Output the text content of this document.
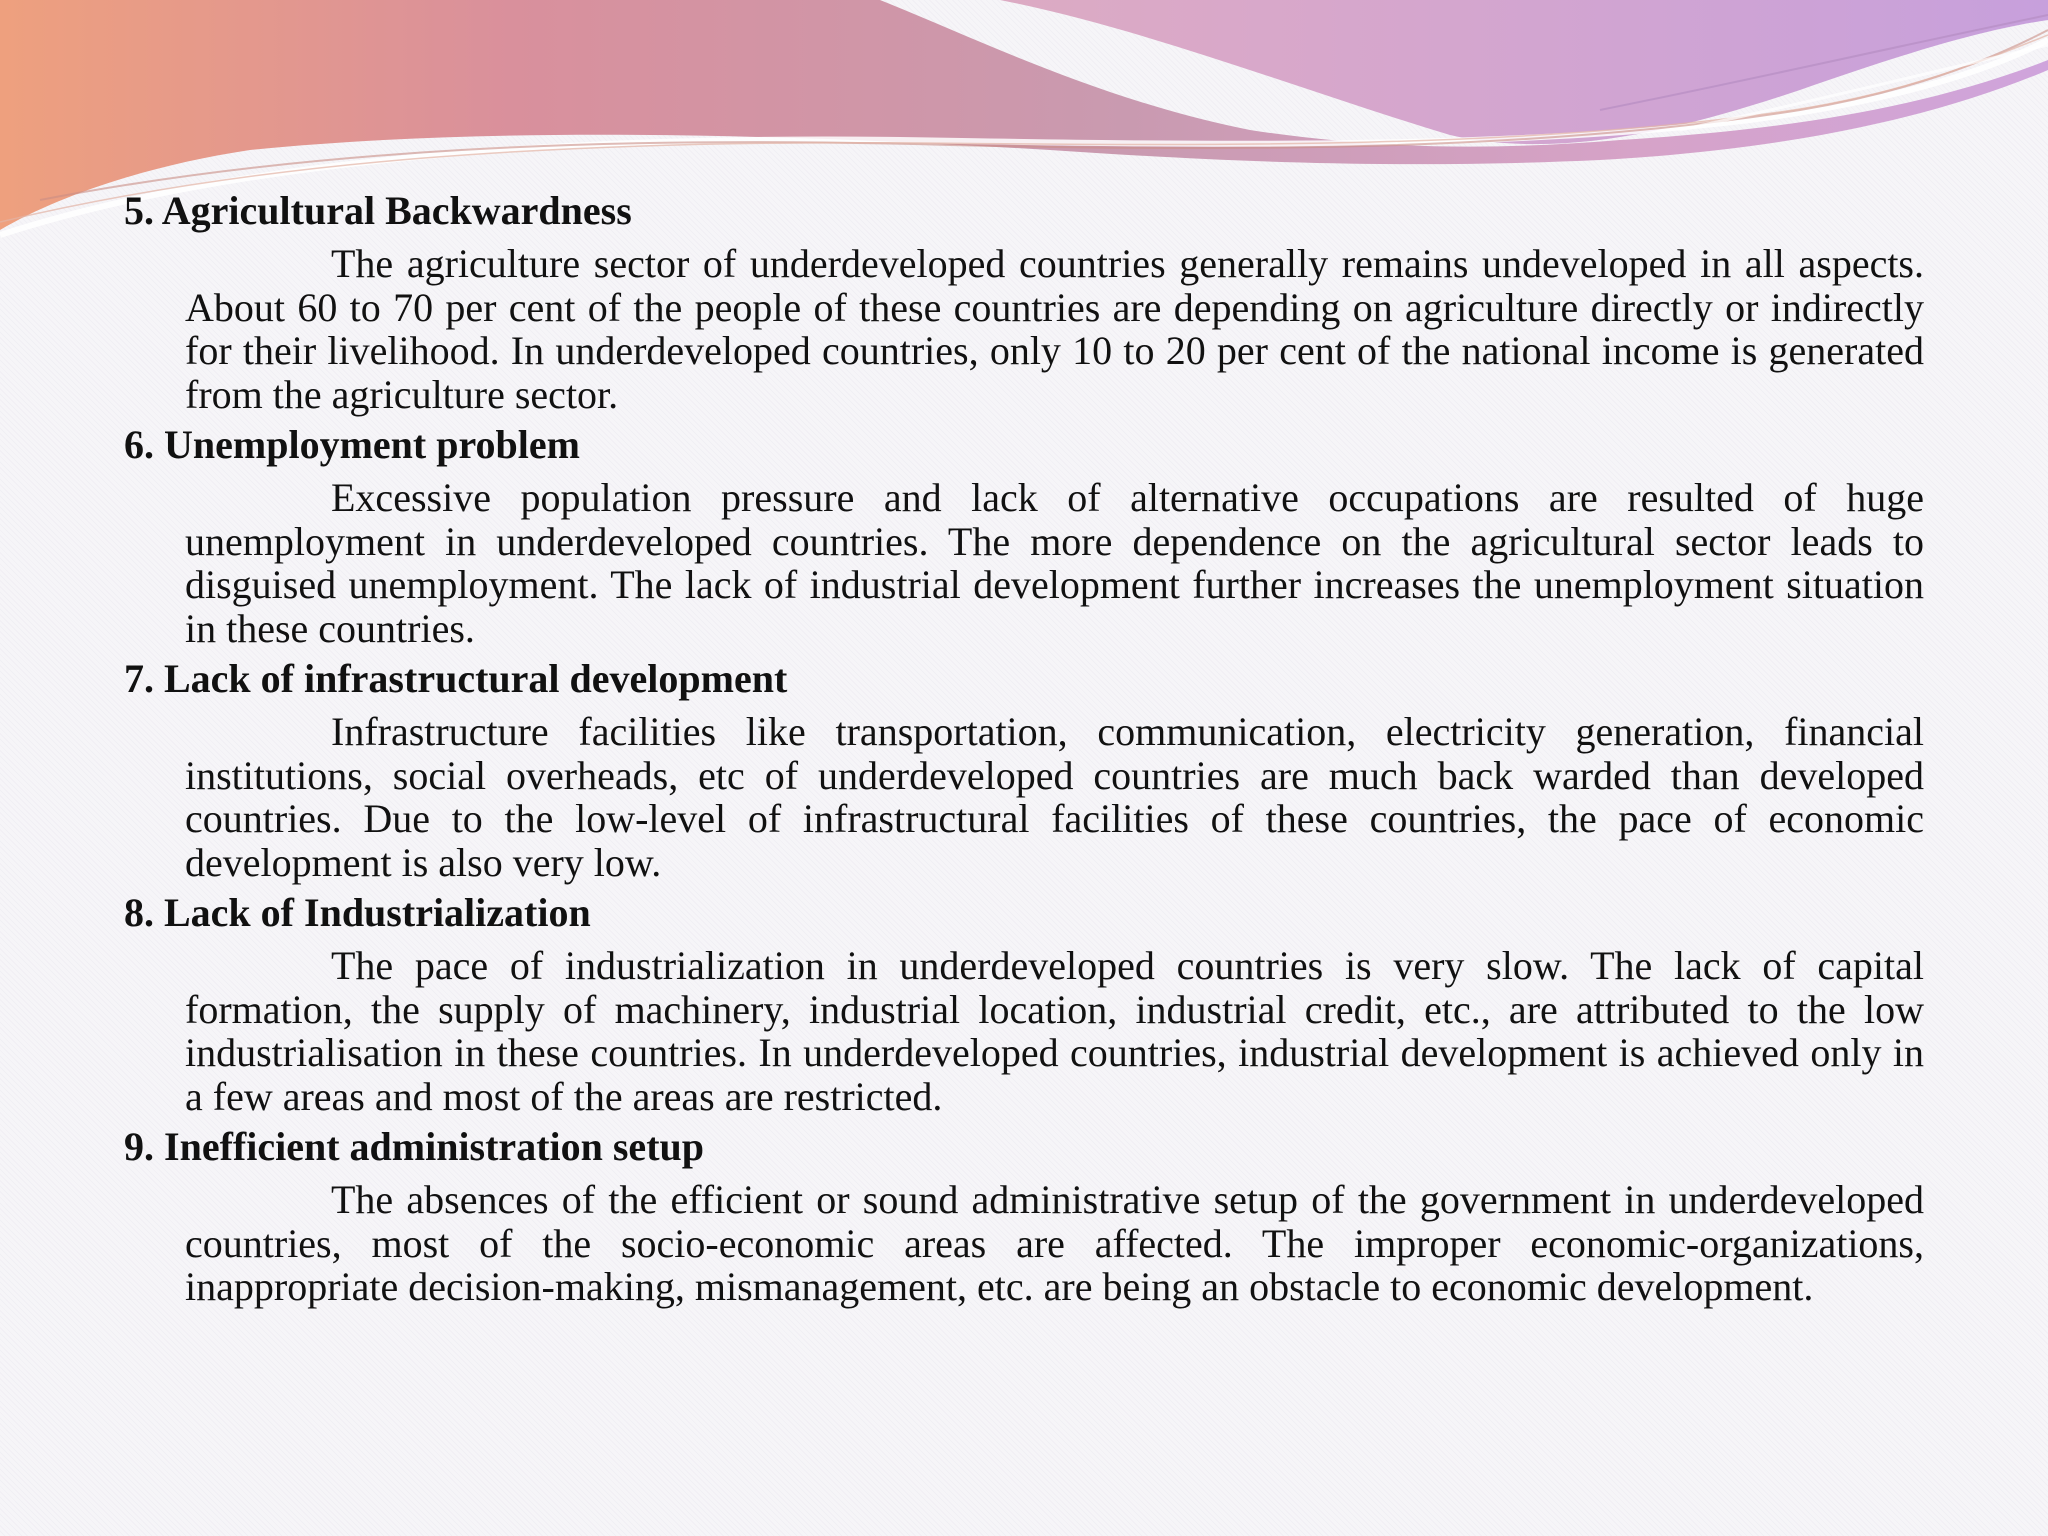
5. Agricultural Backwardness

The agriculture sector of underdeveloped countries generally remains undeveloped in all aspects. About 60 to 70 per cent of the people of these countries are depending on agriculture directly or indirectly for their livelihood. In underdeveloped countries, only 10 to 20 per cent of the national income is generated from the agriculture sector.

6. Unemployment problem

Excessive population pressure and lack of alternative occupations are resulted of huge unemployment in underdeveloped countries. The more dependence on the agricultural sector leads to disguised unemployment. The lack of industrial development further increases the unemployment situation in these countries.

7. Lack of infrastructural development

Infrastructure facilities like transportation, communication, electricity generation, financial institutions, social overheads, etc of underdeveloped countries are much back warded than developed countries. Due to the low-level of infrastructural facilities of these countries, the pace of economic development is also very low.

8. Lack of Industrialization

The pace of industrialization in underdeveloped countries is very slow. The lack of capital formation, the supply of machinery, industrial location, industrial credit, etc., are attributed to the low industrialisation in these countries. In underdeveloped countries, industrial development is achieved only in a few areas and most of the areas are restricted.

9. Inefficient administration setup

The absences of the efficient or sound administrative setup of the government in underdeveloped countries, most of the socio-economic areas are affected. The improper economic-organizations, inappropriate decision-making, mismanagement, etc. are being an obstacle to economic development.
